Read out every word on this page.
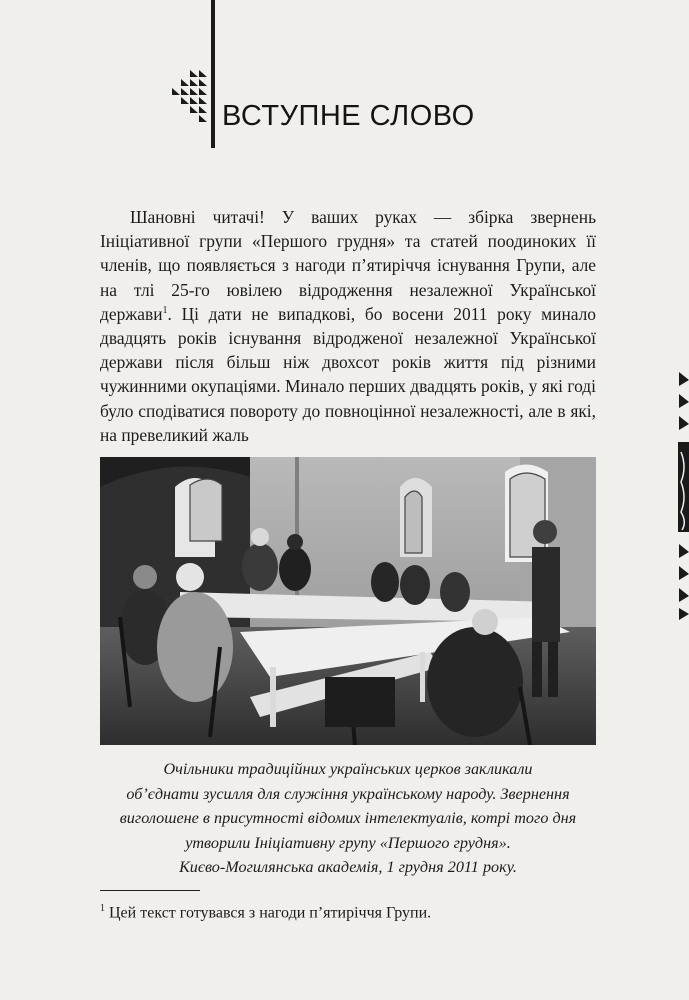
ВСТУПНЕ СЛОВО

Шановні читачі! У ваших руках — збірка звернень Ініціативної групи «Першого грудня» та статей поодиноких її членів, що появляється з нагоди п’ятиріччя існування Групи, але на тлі 25-го ювілею відродження незалежної Української держави$^1$. Ці дати не випадкові, бо восени 2011 року минало двадцять років існування відродженої незалежної Української держави після більш ніж двохсот років життя під різними чужинними окупаціями. Минало перших двадцять років, у які годі було сподіватися повороту до повноцінної незалежності, але в які, на превеликий жаль

Очільники традиційних українських церков закликали
об’єднати зусилля для служіння українському народу. Звернення виголошене в присутності відомих інтелектуалів, котрі того дня утворили Ініціативну групу «Першого грудня».
Києво-Могилянська академія, 1 грудня 2011 року.

$^1$ Цей текст готувався з нагоди п’ятиріччя Групи.
